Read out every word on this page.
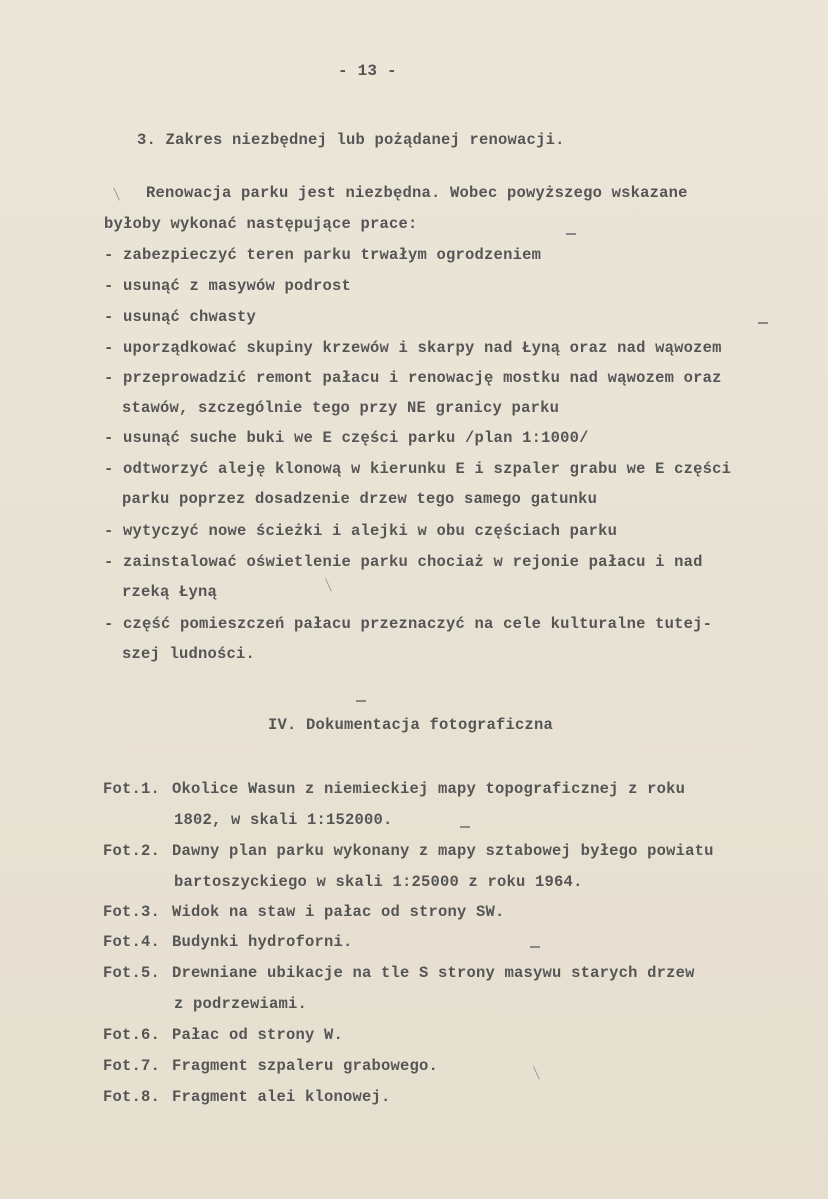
- 13 -
3. Zakres niezbędnej lub pożądanej renowacji.
Renowacja parku jest niezbędna. Wobec powyższego wskazane
byłoby wykonać następujące prace:
- zabezpieczyć teren parku trwałym ogrodzeniem
- usunąć z masywów podrost
- usunąć chwasty
- uporządkować skupiny krzewów i skarpy nad Łyną oraz nad wąwozem
- przeprowadzić remont pałacu i renowację mostku nad wąwozem oraz
stawów, szczególnie tego przy NE granicy parku
- usunąć suche buki we E części parku /plan 1:1000/
- odtworzyć aleję klonową w kierunku E i szpaler grabu we E części
parku poprzez dosadzenie drzew tego samego gatunku
- wytyczyć nowe ścieżki i alejki w obu częściach parku
- zainstalować oświetlenie parku chociaż w rejonie pałacu i nad
rzeką Łyną
- część pomieszczeń pałacu przeznaczyć na cele kulturalne tutej-
szej ludności.
IV. Dokumentacja fotograficzna
Fot.1. Okolice Wasun z niemieckiej mapy topograficznej z roku
1802, w skali 1:152000.
Fot.2. Dawny plan parku wykonany z mapy sztabowej byłego powiatu
bartoszyckiego w skali 1:25000 z roku 1964.
Fot.3. Widok na staw i pałac od strony SW.
Fot.4. Budynki hydroforni.
Fot.5. Drewniane ubikacje na tle S strony masywu starych drzew
z podrzewiami.
Fot.6. Pałac od strony W.
Fot.7. Fragment szpaleru grabowego.
Fot.8. Fragment alei klonowej.
